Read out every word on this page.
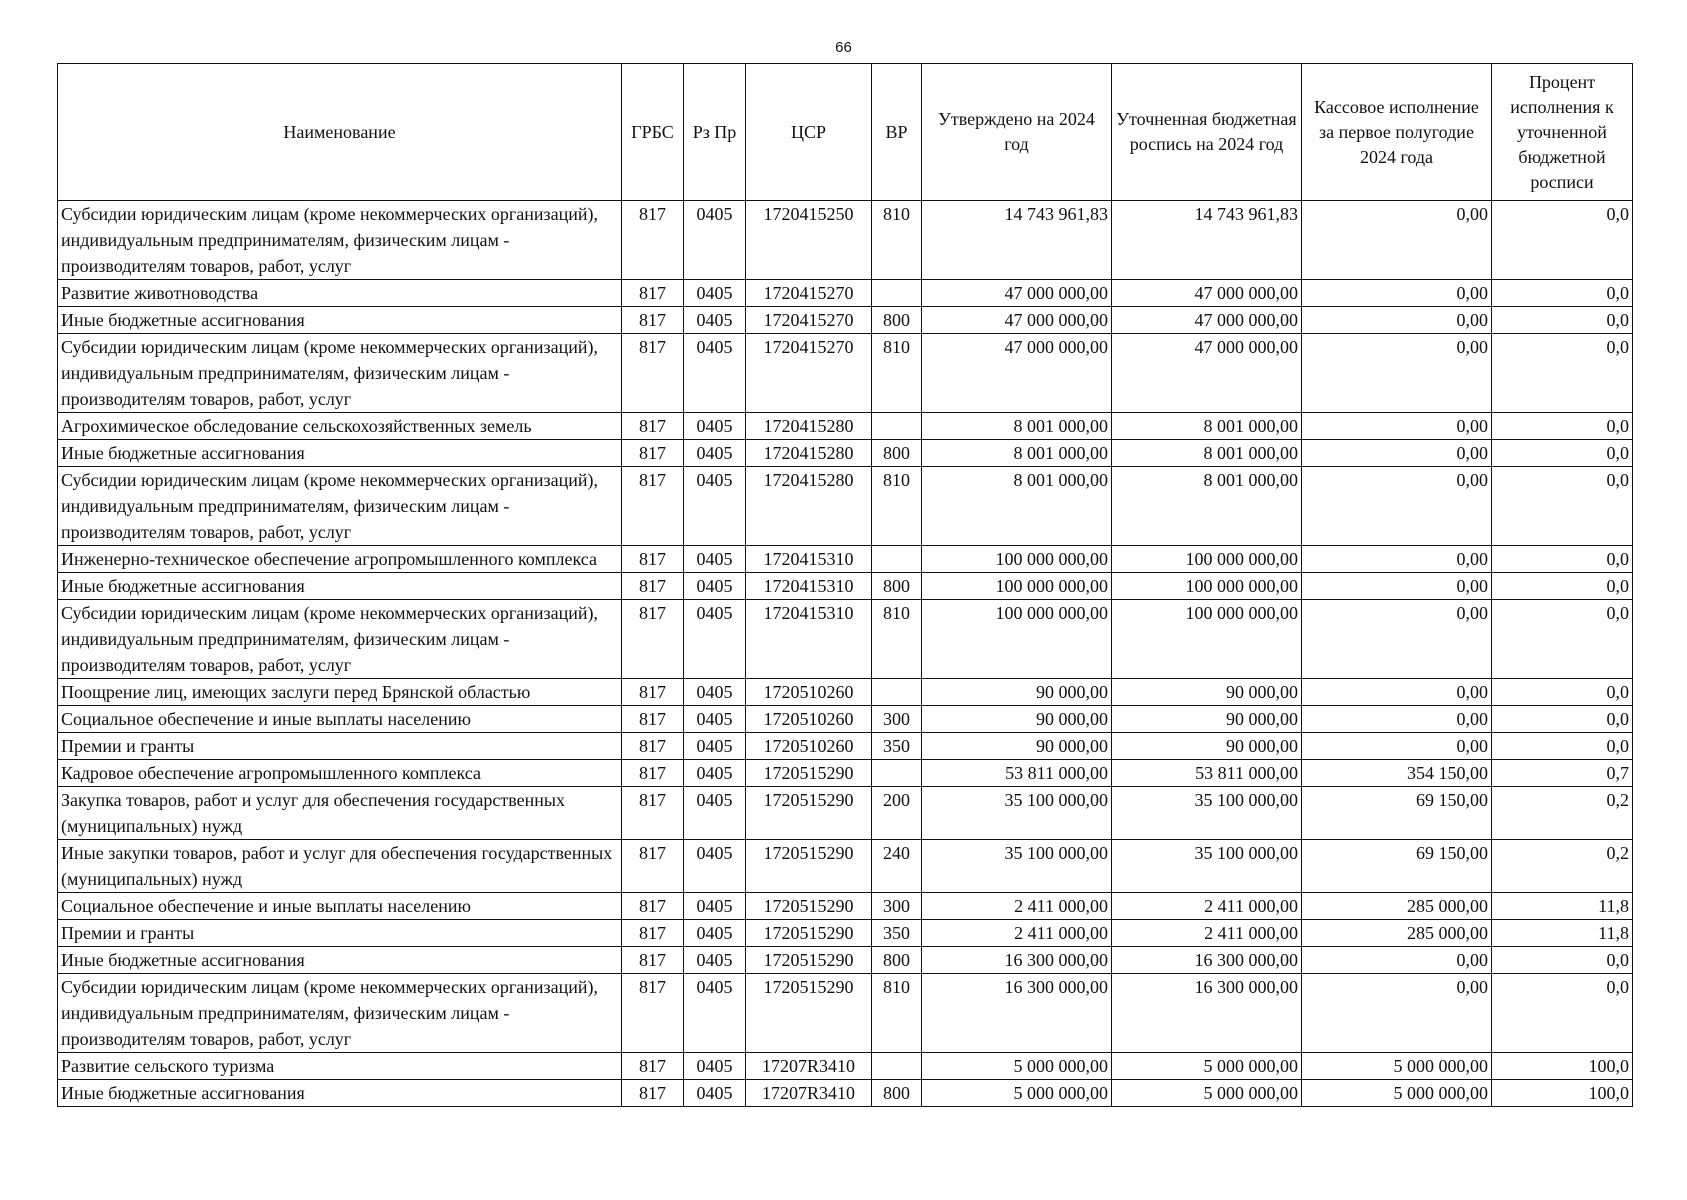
66
Наименование	ГРБС	Рз Пр	ЦСР	ВР	Утверждено на 2024 год	Уточненная бюджетная роспись на 2024 год	Кассовое исполнение за первое полугодие 2024 года	Процент исполнения к уточненной бюджетной росписи
Субсидии юридическим лицам (кроме некоммерческих организаций), индивидуальным предпринимателям, физическим лицам - производителям товаров, работ, услуг	817	0405	1720415250	810	14 743 961,83	14 743 961,83	0,00	0,0
Развитие животноводства	817	0405	1720415270		47 000 000,00	47 000 000,00	0,00	0,0
Иные бюджетные ассигнования	817	0405	1720415270	800	47 000 000,00	47 000 000,00	0,00	0,0
Субсидии юридическим лицам (кроме некоммерческих организаций), индивидуальным предпринимателям, физическим лицам - производителям товаров, работ, услуг	817	0405	1720415270	810	47 000 000,00	47 000 000,00	0,00	0,0
Агрохимическое обследование сельскохозяйственных земель	817	0405	1720415280		8 001 000,00	8 001 000,00	0,00	0,0
Иные бюджетные ассигнования	817	0405	1720415280	800	8 001 000,00	8 001 000,00	0,00	0,0
Субсидии юридическим лицам (кроме некоммерческих организаций), индивидуальным предпринимателям, физическим лицам - производителям товаров, работ, услуг	817	0405	1720415280	810	8 001 000,00	8 001 000,00	0,00	0,0
Инженерно-техническое обеспечение агропромышленного комплекса	817	0405	1720415310		100 000 000,00	100 000 000,00	0,00	0,0
Иные бюджетные ассигнования	817	0405	1720415310	800	100 000 000,00	100 000 000,00	0,00	0,0
Субсидии юридическим лицам (кроме некоммерческих организаций), индивидуальным предпринимателям, физическим лицам - производителям товаров, работ, услуг	817	0405	1720415310	810	100 000 000,00	100 000 000,00	0,00	0,0
Поощрение лиц, имеющих заслуги перед Брянской областью	817	0405	1720510260		90 000,00	90 000,00	0,00	0,0
Социальное обеспечение и иные выплаты населению	817	0405	1720510260	300	90 000,00	90 000,00	0,00	0,0
Премии и гранты	817	0405	1720510260	350	90 000,00	90 000,00	0,00	0,0
Кадровое обеспечение агропромышленного комплекса	817	0405	1720515290		53 811 000,00	53 811 000,00	354 150,00	0,7
Закупка товаров, работ и услуг для обеспечения государственных (муниципальных) нужд	817	0405	1720515290	200	35 100 000,00	35 100 000,00	69 150,00	0,2
Иные закупки товаров, работ и услуг для обеспечения государственных (муниципальных) нужд	817	0405	1720515290	240	35 100 000,00	35 100 000,00	69 150,00	0,2
Социальное обеспечение и иные выплаты населению	817	0405	1720515290	300	2 411 000,00	2 411 000,00	285 000,00	11,8
Премии и гранты	817	0405	1720515290	350	2 411 000,00	2 411 000,00	285 000,00	11,8
Иные бюджетные ассигнования	817	0405	1720515290	800	16 300 000,00	16 300 000,00	0,00	0,0
Субсидии юридическим лицам (кроме некоммерческих организаций), индивидуальным предпринимателям, физическим лицам - производителям товаров, работ, услуг	817	0405	1720515290	810	16 300 000,00	16 300 000,00	0,00	0,0
Развитие сельского туризма	817	0405	17207R3410		5 000 000,00	5 000 000,00	5 000 000,00	100,0
Иные бюджетные ассигнования	817	0405	17207R3410	800	5 000 000,00	5 000 000,00	5 000 000,00	100,0
